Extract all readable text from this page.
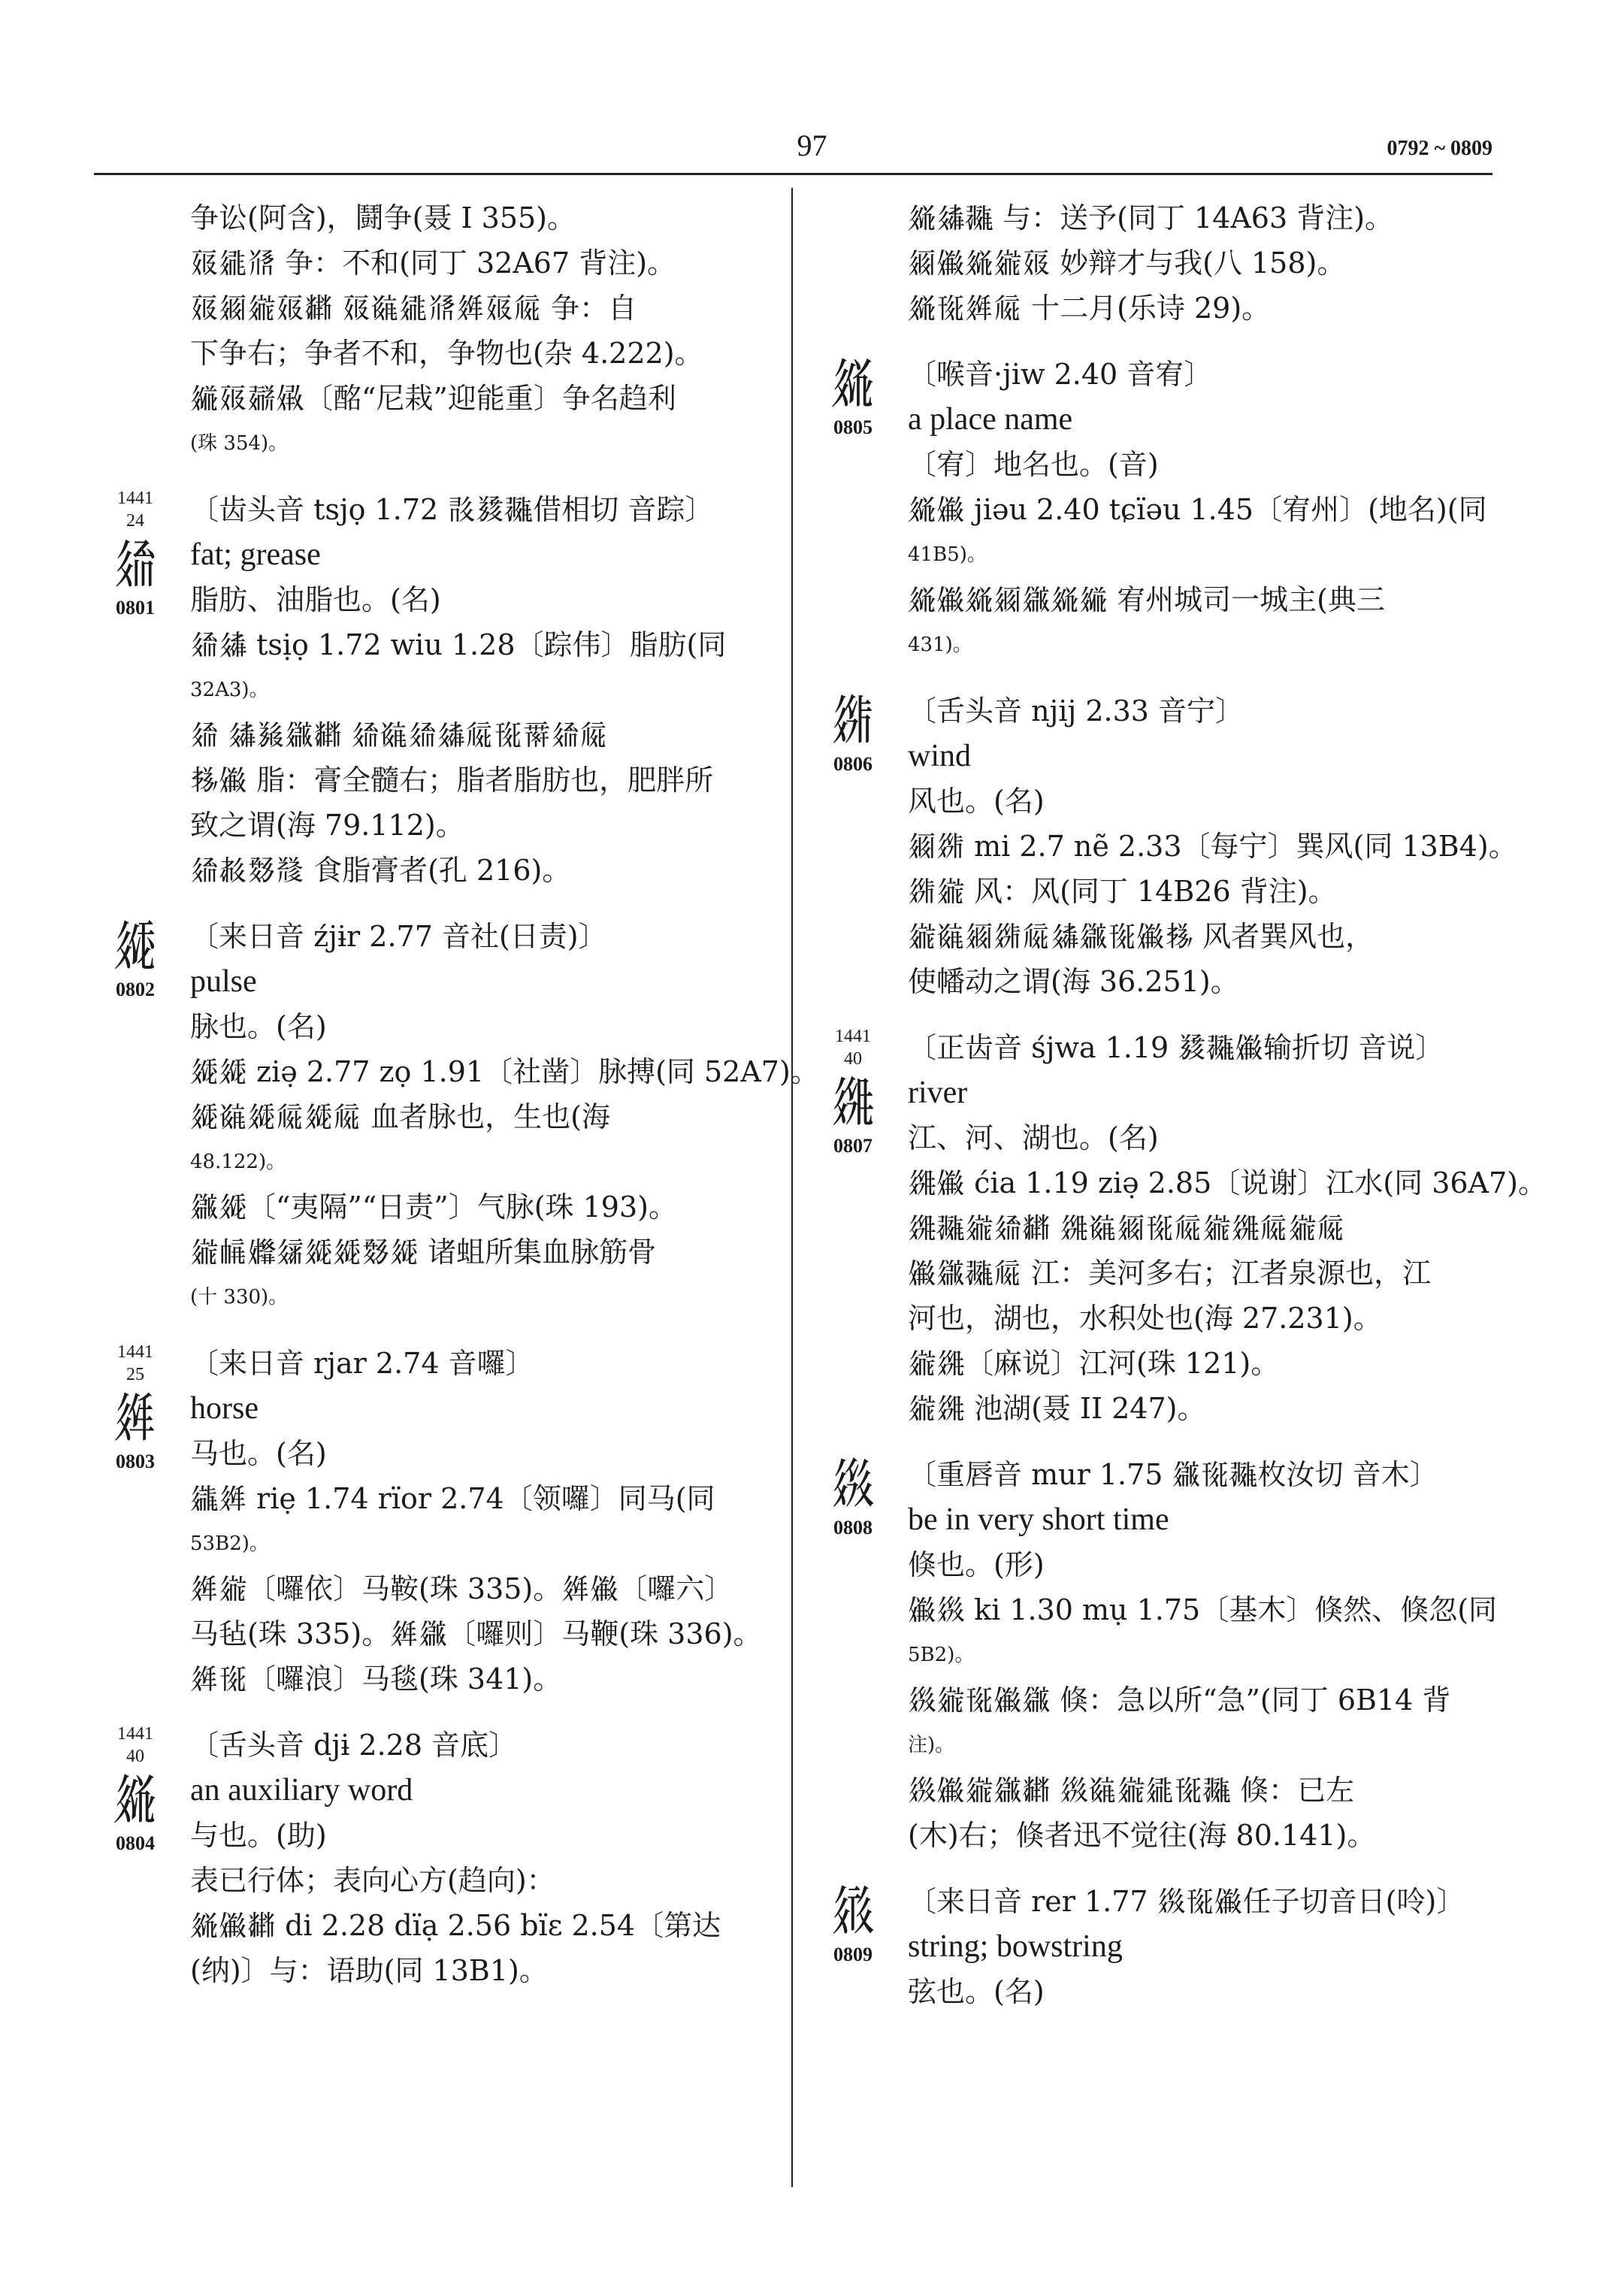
97	0792 ~ 0809
争讼(阿含)，鬪争(聂 I 355)。
𗡞𗧓𗭾 争：不和(同丁 32A67 背注)。
𗡞𗥃𗨁𗡞𘂤 𗡞𘌽𗧓𗭾𗤶𗡞𗏁 争：自
下争右；争者不和，争物也(杂 4.222)。
𗧞𗡞𘅤𗏣〔酩“尼栽”迎能重〕争名趋利
(珠 354)。
1441
24
𗤴
0801
〔齿头音 tsjọ 1.72 𘃸𗯿𗖵借相切 音踪〕
fat; grease
脂肪、油脂也。(名)
𗤴𗤳 tsịọ 1.72 wiu 1.28〔踪伟〕脂肪(同
32A3)。
𗤴 𗤳𗯵𗫡𘂤 𗤴𘌽𗤴𗤳𗏁𗍁𗵅𗤴𗏁
𗈪𗏹 脂：膏全髓右；脂者脂肪也，肥胖所
致之谓(海 79.112)。
𗤴𗳒𘘣𘃪 食脂膏者(孔 216)。
𗤵
0802
〔来日音 źjɨr 2.77 音社(日责)〕
pulse
脉也。(名)
𗤵𗤵 ziə̣ 2.77 zọ 1.91〔社凿〕脉搏(同 52A7)。
𗤵𘌽𗤵𗏁𗤵𗏁 血者脉也，生也(海
48.122)。
𗫡𗤵〔“夷隔”“日责”〕气脉(珠 193)。
𗨁𗎵𗏿𗥀𗤵𗤵𘘣𗤵 诸蛆所集血脉筋骨
(十 330)。
1441
25
𗤶
0803
〔来日音 rjar 2.74 音囉〕
horse
马也。(名)
𗪘𗤶 riẹ 1.74 rïor 2.74〔领囉〕同马(同
53B2)。
𗤶𗨁〔囉依〕马鞍(珠 335)。𗤶𗏹〔囉六〕
马毡(珠 335)。𗤶𗫡〔囉则〕马鞭(珠 336)。
𗤶𗍁〔囉浪〕马毯(珠 341)。
1441
40
𗤷
0804
〔舌头音 djɨ 2.28 音底〕
an auxiliary word
与也。(助)
表已行体；表向心方(趋向)：
𗤷𗏹𘂤 di 2.28 dïạ 2.56 bïɛ 2.54〔第达
(纳)〕与：语助(同 13B1)。
𗤷𗤳𗖵 与：送予(同丁 14A63 背注)。
𗥃𗏹𗤷𗨁𗡞 妙辩才与我(八 158)。
𗤷𗍁𗤶𗏁 十二月(乐诗 29)。
𗤷
0805
〔喉音·jiw 2.40 音宥〕
a place name
〔宥〕地名也。(音)
𗤷𗏹 jiəu 2.40 tɕïəu 1.45〔宥州〕(地名)(同
41B5)。
𗤷𗏹𗤷𗥃𗫡𗤷𗧞 宥州城司一城主(典三
431)。
𗤸
0806
〔舌头音 njij 2.33 音宁〕
wind
风也。(名)
𗥃𗤸 mi 2.7 nẽ 2.33〔每宁〕巽风(同 13B4)。
𗤸𗨁 风：风(同丁 14B26 背注)。
𗨁𘌽𗥃𗤸𗏁𗤳𗫡𗍁𗏹𗈪 风者巽风也，
使幡动之谓(海 36.251)。
1441
40
𗤹
0807
〔正齿音 śjwa 1.19 𗯿𗖵𗏹输折切 音说〕
river
江、河、湖也。(名)
𗤹𗏹 ćia 1.19 ziə̣ 2.85〔说谢〕江水(同 36A7)。
𗤹𗖵𗨁𗤴𘂤 𗤹𘌽𗥃𗍁𗏁𗨁𗤹𗏁𗨁𗏁
𗏹𗫡𗖵𗏁 江：美河多右；江者泉源也，江
河也，湖也，水积处也(海 27.231)。
𗨁𗤹〔麻说〕江河(珠 121)。
𗨁𗤹 池湖(聂 II 247)。
𗤺
0808
〔重唇音 mur 1.75 𗫡𗍁𗖵枚汝切 音木〕
be in very short time
倏也。(形)
𗏹𗤺 ki 1.30 mụ 1.75〔基木〕倏然、倏忽(同
5B2)。
𗤺𗨁𗍁𗏹𗫡 倏：急以所“急”(同丁 6B14 背
注)。
𗤺𗏹𗨁𗫡𘂤 𗤺𘌽𗨁𗧓𗍁𗖵 倏：已左
(木)右；倏者迅不觉往(海 80.141)。
𗤻
0809
〔来日音 rer 1.77 𗤺𗍁𗏹任子切音日(呤)〕
string; bowstring
弦也。(名)
